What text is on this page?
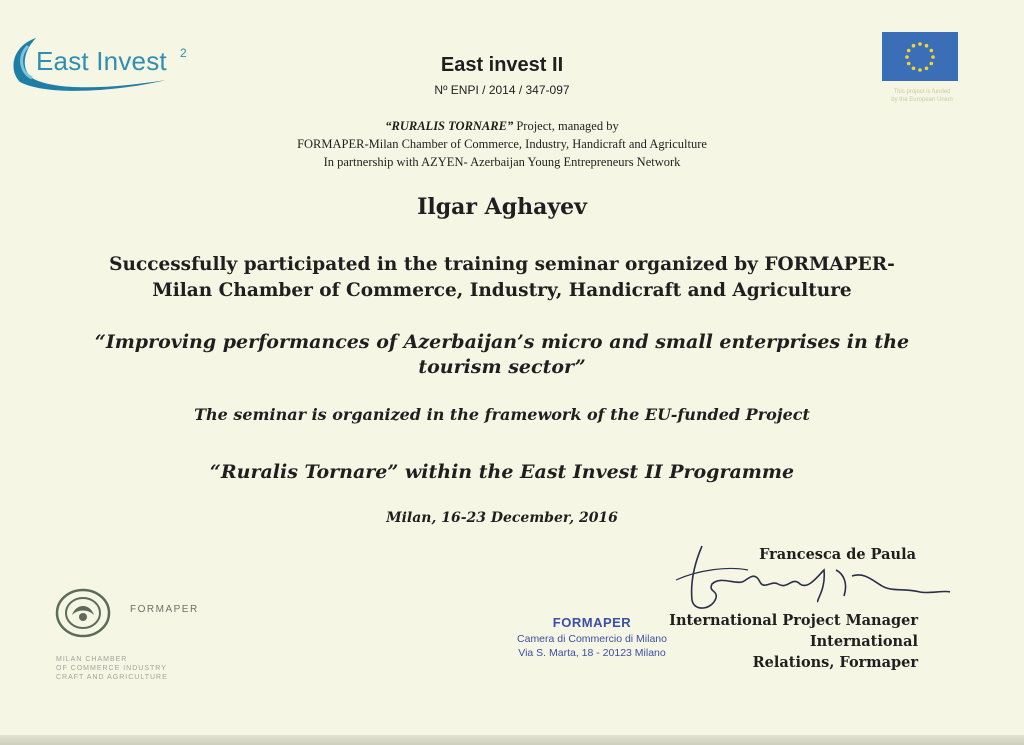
East Invest 2
East invest II
Nº ENPI / 2014 / 347-097	This project is funded
by the European Union
“RURALIS TORNARE” Project, managed by
FORMAPER-Milan Chamber of Commerce, Industry, Handicraft and Agriculture
In partnership with AZYEN- Azerbaijan Young Entrepreneurs Network
Ilgar Aghayev
Successfully participated in the training seminar organized by FORMAPER-
Milan Chamber of Commerce, Industry, Handicraft and Agriculture
“Improving performances of Azerbaijan’s micro and small enterprises in the
tourism sector”
The seminar is organized in the framework of the EU-funded Project
“Ruralis Tornare” within the East Invest II Programme
Milan, 16-23 December, 2016
Francesca de Paula
International Project Manager
International
Relations, Formaper
FORMAPER
Camera di Commercio di Milano
Via S. Marta, 18 - 20123 Milano
FORMAPER
MILAN CHAMBER
OF COMMERCE INDUSTRY
CRAFT AND AGRICULTURE
